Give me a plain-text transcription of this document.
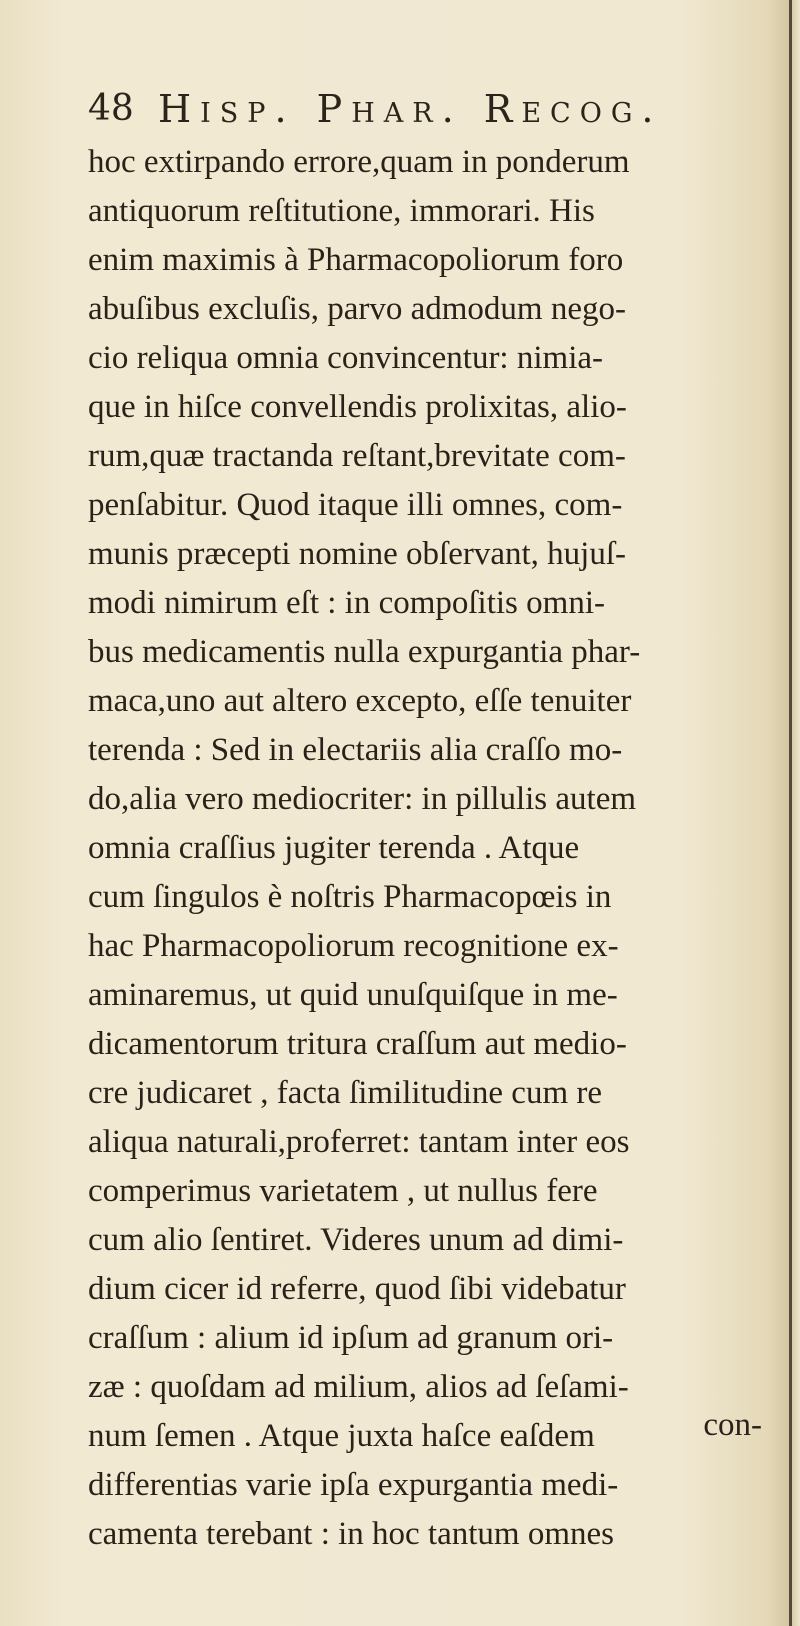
48 Hisp. Phar. Recog.
hoc extirpando errore,quam in ponderum
antiquorum reſtitutione, immorari. His
enim maximis à Pharmacopoliorum foro
abuſibus excluſis, parvo admodum nego-
cio reliqua omnia convincentur: nimia-
que in hiſce convellendis prolixitas, alio-
rum,quæ tractanda reſtant,brevitate com-
penſabitur. Quod itaque illi omnes, com-
munis præcepti nomine obſervant, hujuſ-
modi nimirum eſt : in compoſitis omni-
bus medicamentis nulla expurgantia phar-
maca,uno aut altero excepto, eſſe tenuiter
terenda : Sed in electariis alia craſſo mo-
do,alia vero mediocriter: in pillulis autem
omnia craſſius jugiter terenda . Atque
cum ſingulos è noſtris Pharmacopœis in
hac Pharmacopoliorum recognitione ex-
aminaremus, ut quid unuſquiſque in me-
dicamentorum tritura craſſum aut medio-
cre judicaret , facta ſimilitudine cum re
aliqua naturali,proferret: tantam inter eos
comperimus varietatem , ut nullus fere
cum alio ſentiret. Videres unum ad dimi-
dium cicer id referre, quod ſibi videbatur
craſſum : alium id ipſum ad granum ori-
zæ : quoſdam ad milium, alios ad ſeſami-
num ſemen . Atque juxta haſce eaſdem
differentias varie ipſa expurgantia medi-
camenta terebant : in hoc tantum omnes
con-
